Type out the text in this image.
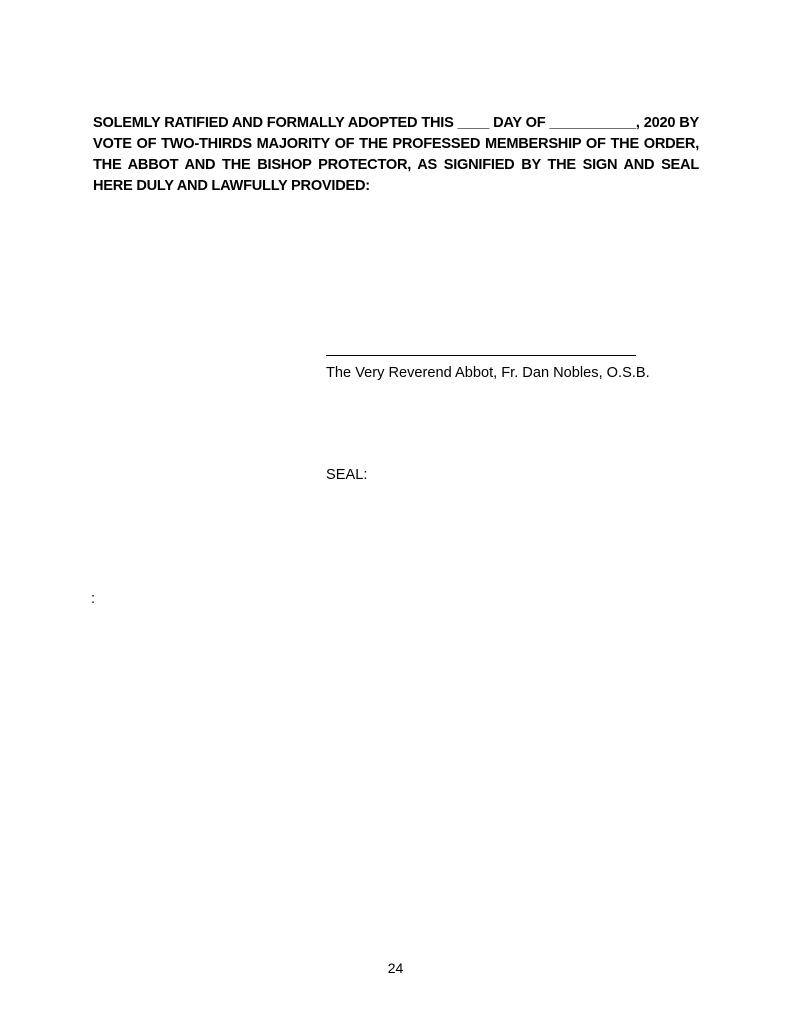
SOLEMLY RATIFIED AND FORMALLY ADOPTED THIS ____ DAY OF ___________, 2020 BY VOTE OF TWO-THIRDS MAJORITY OF THE PROFESSED MEMBERSHIP OF THE ORDER, THE ABBOT AND THE BISHOP PROTECTOR, AS SIGNIFIED BY THE SIGN AND SEAL HERE DULY AND LAWFULLY PROVIDED:

The Very Reverend Abbot, Fr. Dan Nobles, O.S.B.

SEAL:

:

24
